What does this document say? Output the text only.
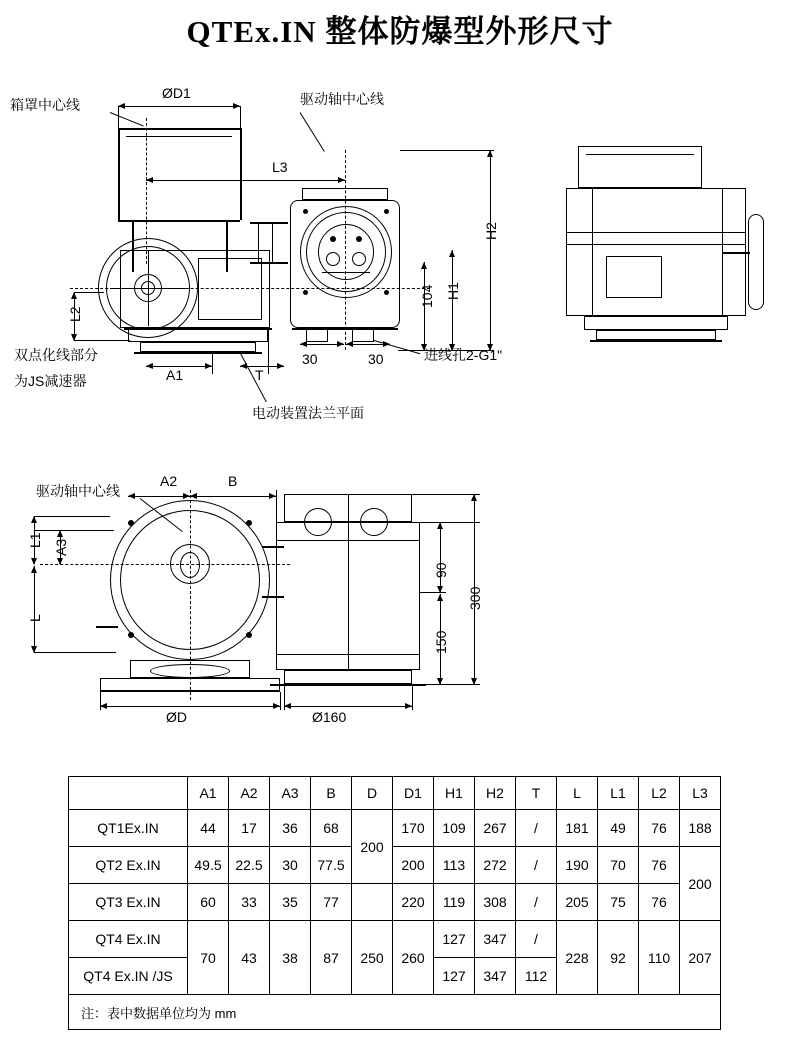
QTEx.IN 整体防爆型外形尺寸
ØD1
箱罩中心线	驱动轴中心线
L3
H2
H1
104
L2
A1	T
30	30	进线孔2-G1"
双点化线部分
为JS减速器
电动装置法兰平面
A2	B
驱动轴中心线
L1 A3
L
ØD	Ø160
90
150
300
	A1	A2	A3	B	D	D1	H1	H2	T	L	L1	L2	L3
QT1Ex.IN	44	17	36	68	200	170	109	267	/	181	49	76	188
QT2 Ex.IN	49.5	22.5	30	77.5		200	113	272	/	190	70	76	200
QT3 Ex.IN	60	33	35	77		220	119	308	/	205	75	76	
QT4 Ex.IN	70	43	38	87	250	260	127	347	/	228	92	110	207
QT4 Ex.IN /JS							127	347	112				
注：表中数据单位均为 mm													
